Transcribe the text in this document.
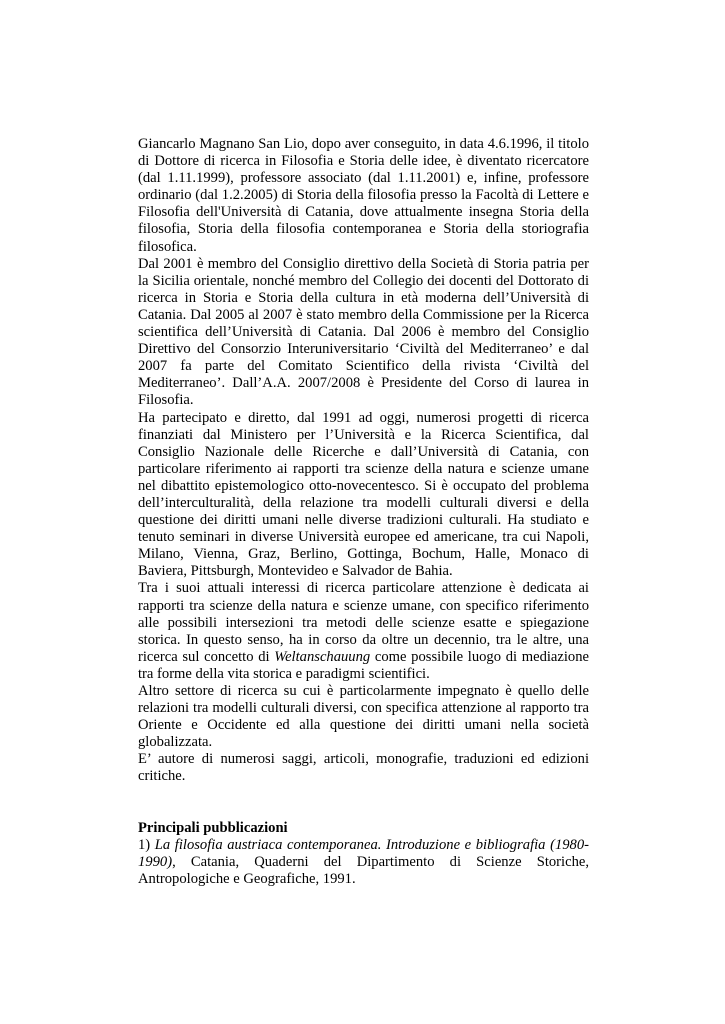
Giancarlo Magnano San Lio, dopo aver conseguito, in data 4.6.1996, il titolo di Dottore di ricerca in Filosofia e Storia delle idee, è diventato ricercatore (dal 1.11.1999), professore associato (dal 1.11.2001) e, infine, professore ordinario (dal 1.2.2005) di Storia della filosofia presso la Facoltà di Lettere e Filosofia dell'Università di Catania, dove attualmente insegna Storia della filosofia, Storia della filosofia contemporanea e Storia della storiografia filosofica.

Dal 2001 è membro del Consiglio direttivo della Società di Storia patria per la Sicilia orientale, nonché membro del Collegio dei docenti del Dottorato di ricerca in Storia e Storia della cultura in età moderna dell’Università di Catania. Dal 2005 al 2007 è stato membro della Commissione per la Ricerca scientifica dell’Università di Catania. Dal 2006 è membro del Consiglio Direttivo del Consorzio Interuniversitario ‘Civiltà del Mediterraneo’ e dal 2007 fa parte del Comitato Scientifico della rivista ‘Civiltà del Mediterraneo’. Dall’A.A. 2007/2008 è Presidente del Corso di laurea in Filosofia.

Ha partecipato e diretto, dal 1991 ad oggi, numerosi progetti di ricerca finanziati dal Ministero per l’Università e la Ricerca Scientifica, dal Consiglio Nazionale delle Ricerche e dall’Università di Catania, con particolare riferimento ai rapporti tra scienze della natura e scienze umane nel dibattito epistemologico otto-novecentesco. Si è occupato del problema dell’interculturalità, della relazione tra modelli culturali diversi e della questione dei diritti umani nelle diverse tradizioni culturali. Ha studiato e tenuto seminari in diverse Università europee ed americane, tra cui Napoli, Milano, Vienna, Graz, Berlino, Gottinga, Bochum, Halle, Monaco di Baviera, Pittsburgh, Montevideo e Salvador de Bahia.

Tra i suoi attuali interessi di ricerca particolare attenzione è dedicata ai rapporti tra scienze della natura e scienze umane, con specifico riferimento alle possibili intersezioni tra metodi delle scienze esatte e spiegazione storica. In questo senso, ha in corso da oltre un decennio, tra le altre, una ricerca sul concetto di Weltanschauung come possibile luogo di mediazione tra forme della vita storica e paradigmi scientifici.

Altro settore di ricerca su cui è particolarmente impegnato è quello delle relazioni tra modelli culturali diversi, con specifica attenzione al rapporto tra Oriente e Occidente ed alla questione dei diritti umani nella società globalizzata.

E’ autore di numerosi saggi, articoli, monografie, traduzioni ed edizioni critiche.

Principali pubblicazioni

1) La filosofia austriaca contemporanea. Introduzione e bibliografia (1980-1990), Catania, Quaderni del Dipartimento di Scienze Storiche, Antropologiche e Geografiche, 1991.
